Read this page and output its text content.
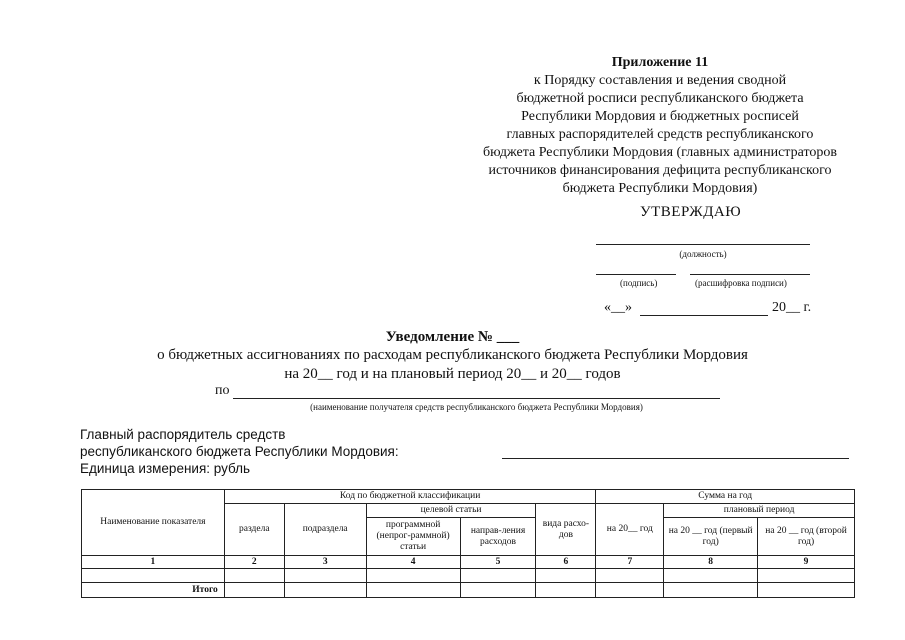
Приложение 11
к Порядку составления и ведения сводной
бюджетной росписи республиканского бюджета
Республики Мордовия и бюджетных росписей
главных распорядителей средств республиканского
бюджета Республики Мордовия (главных администраторов
источников финансирования дефицита республиканского
бюджета Республики Мордовия)
УТВЕРЖДАЮ
(должность)
(подпись)	(расшифровка подписи)
«__»	20__ г.
Уведомление № ___
о бюджетных ассигнованиях по расходам республиканского бюджета Республики Мордовия
на 20__ год и на плановый период 20__ и 20__ годов
по
(наименование получателя средств республиканского бюджета Республики Мордовия)
Главный распорядитель средств
республиканского бюджета Республики Мордовия:
Единица измерения: рубль
Наименование показателя	Код по бюджетной классификации					Сумма на год		
	раздела	подраздела	целевой статьи		вида расхо-дов	на 20__ год	плановый период	
			программной (непрог-раммной) статьи	направ-ления расходов			на 20 __ год (первый год)	на 20 __ год (второй год)

1	2	3	4	5	6	7	8	9

Итого								
